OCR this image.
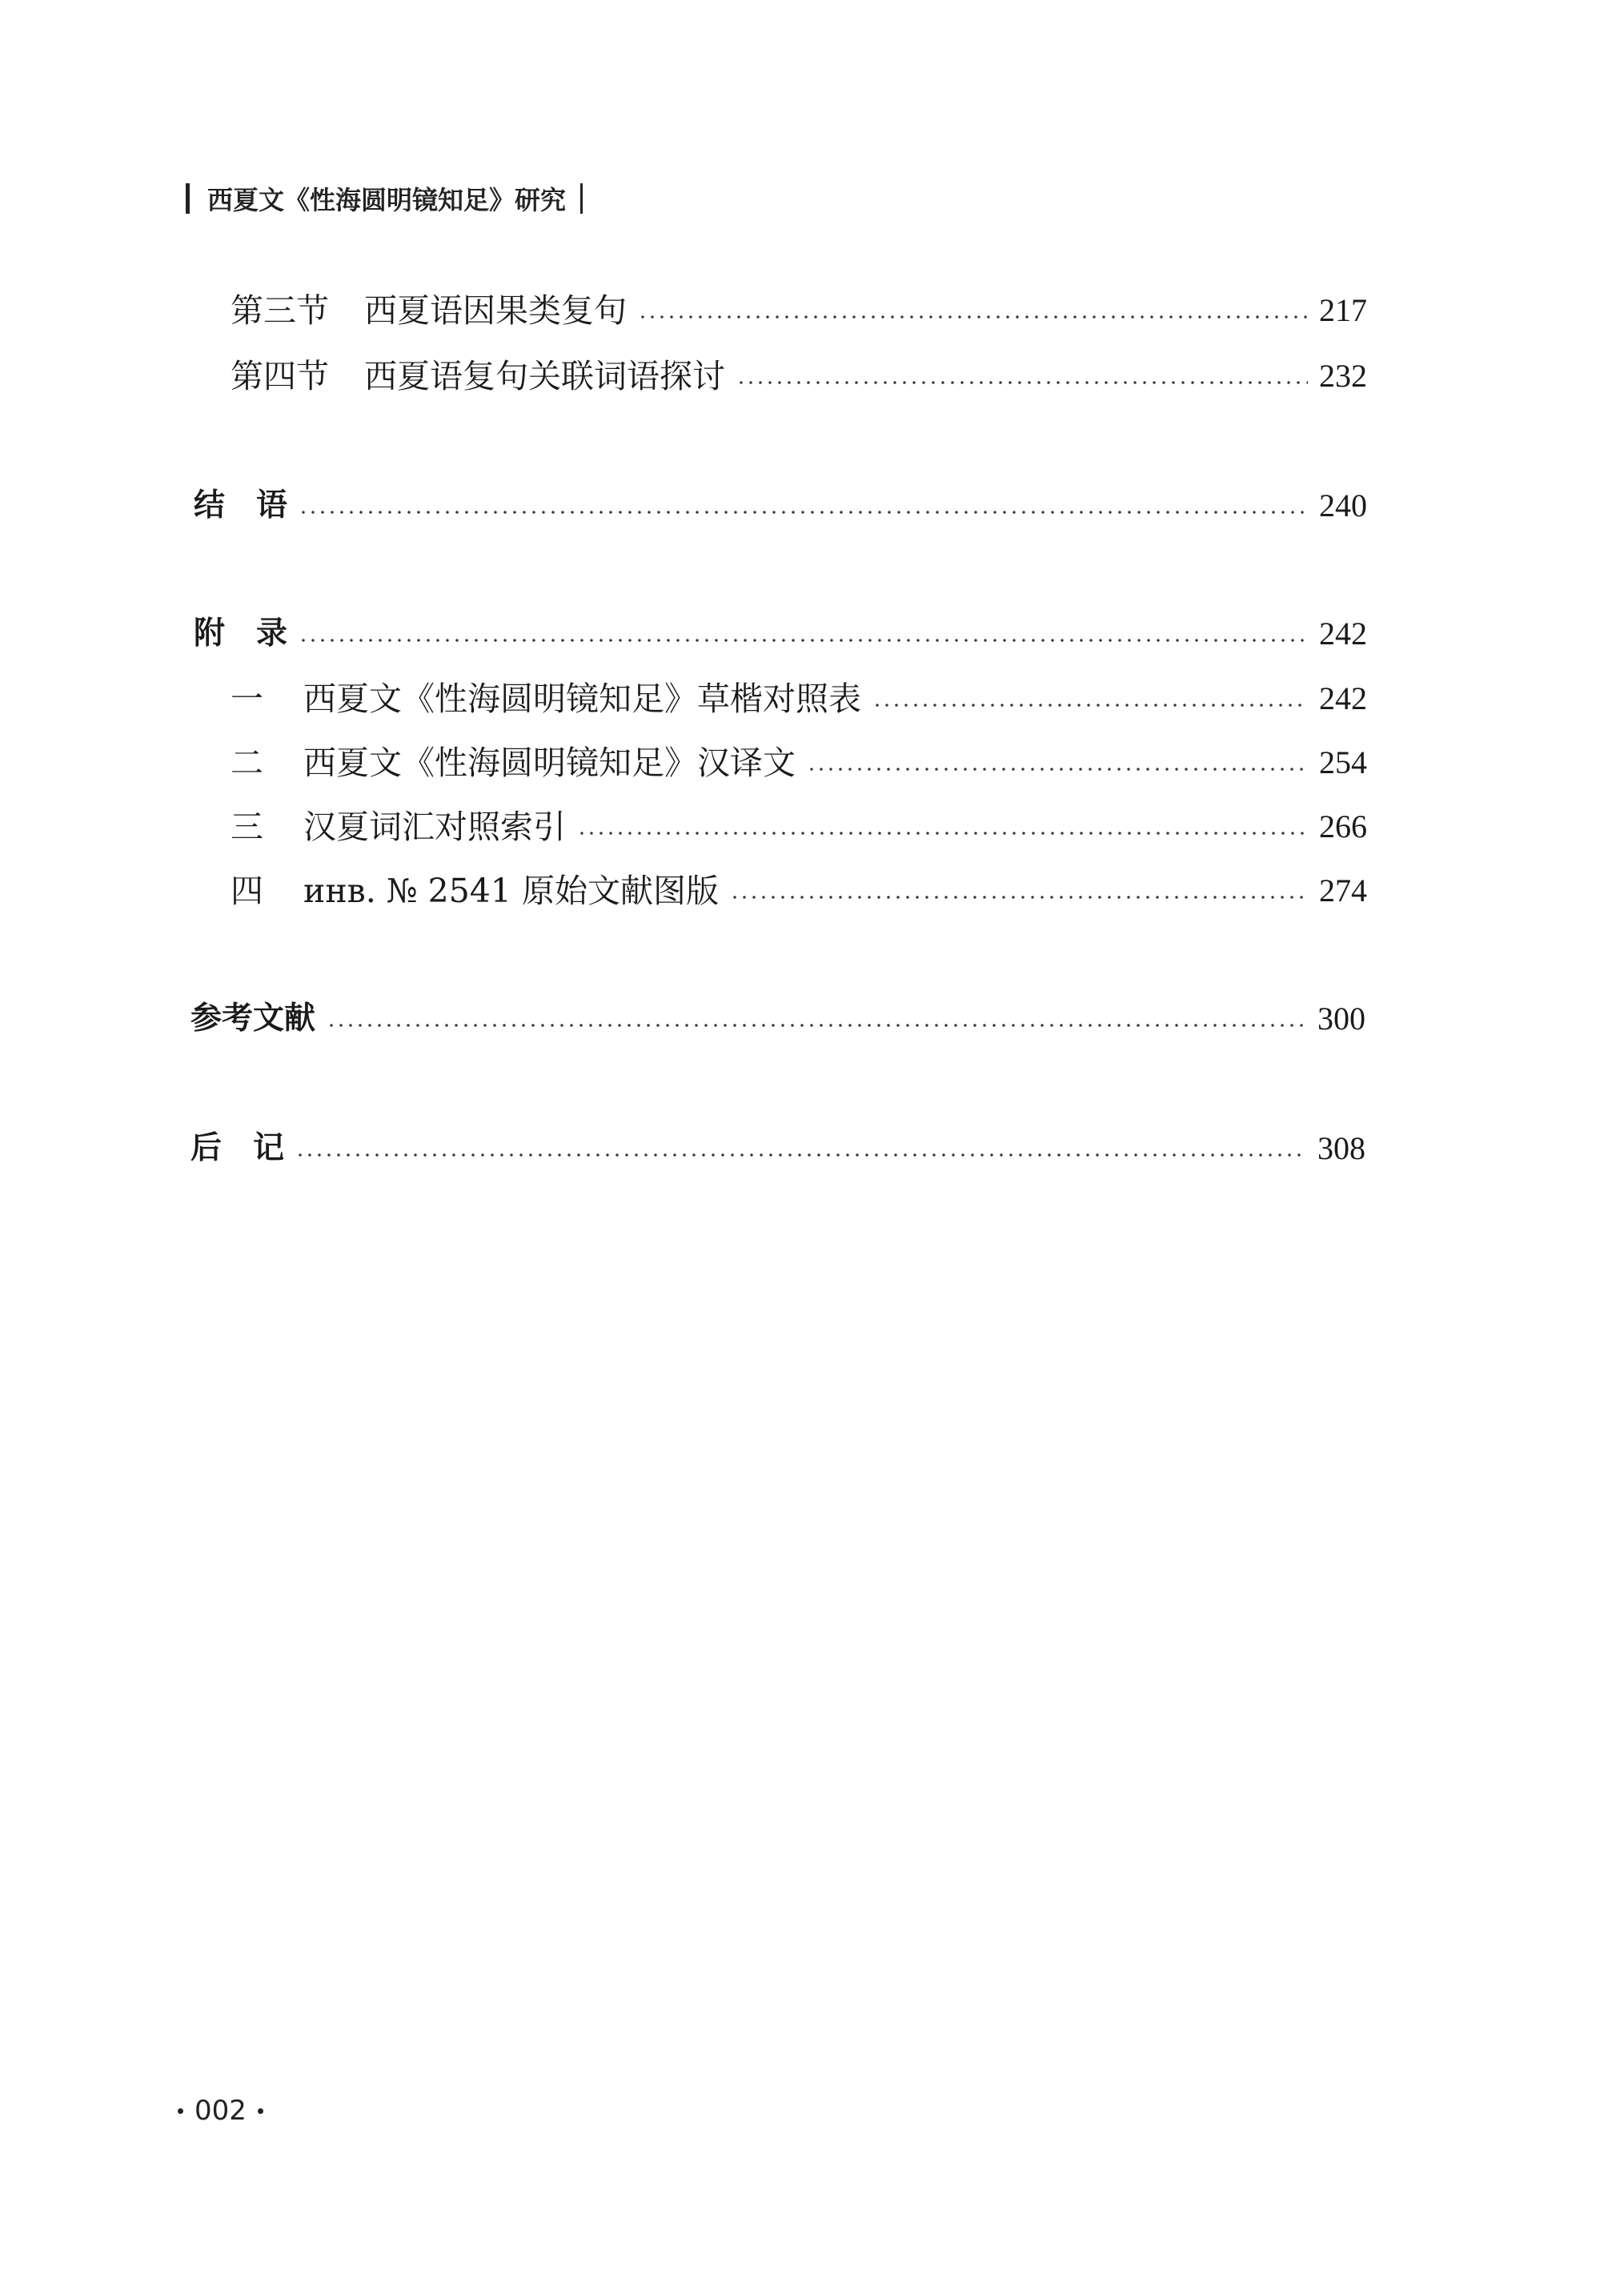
西夏文《性海圆明镜知足》研究
第三节 西夏语因果类复句	217
第四节 西夏语复句关联词语探讨	232
结　语	240
附　录	242
一 西夏文《性海圆明镜知足》草楷对照表	242
二 西夏文《性海圆明镜知足》汉译文	254
三 汉夏词汇对照索引	266
四 инв. № 2541 原始文献图版	274
参考文献	300
后　记	308
002
